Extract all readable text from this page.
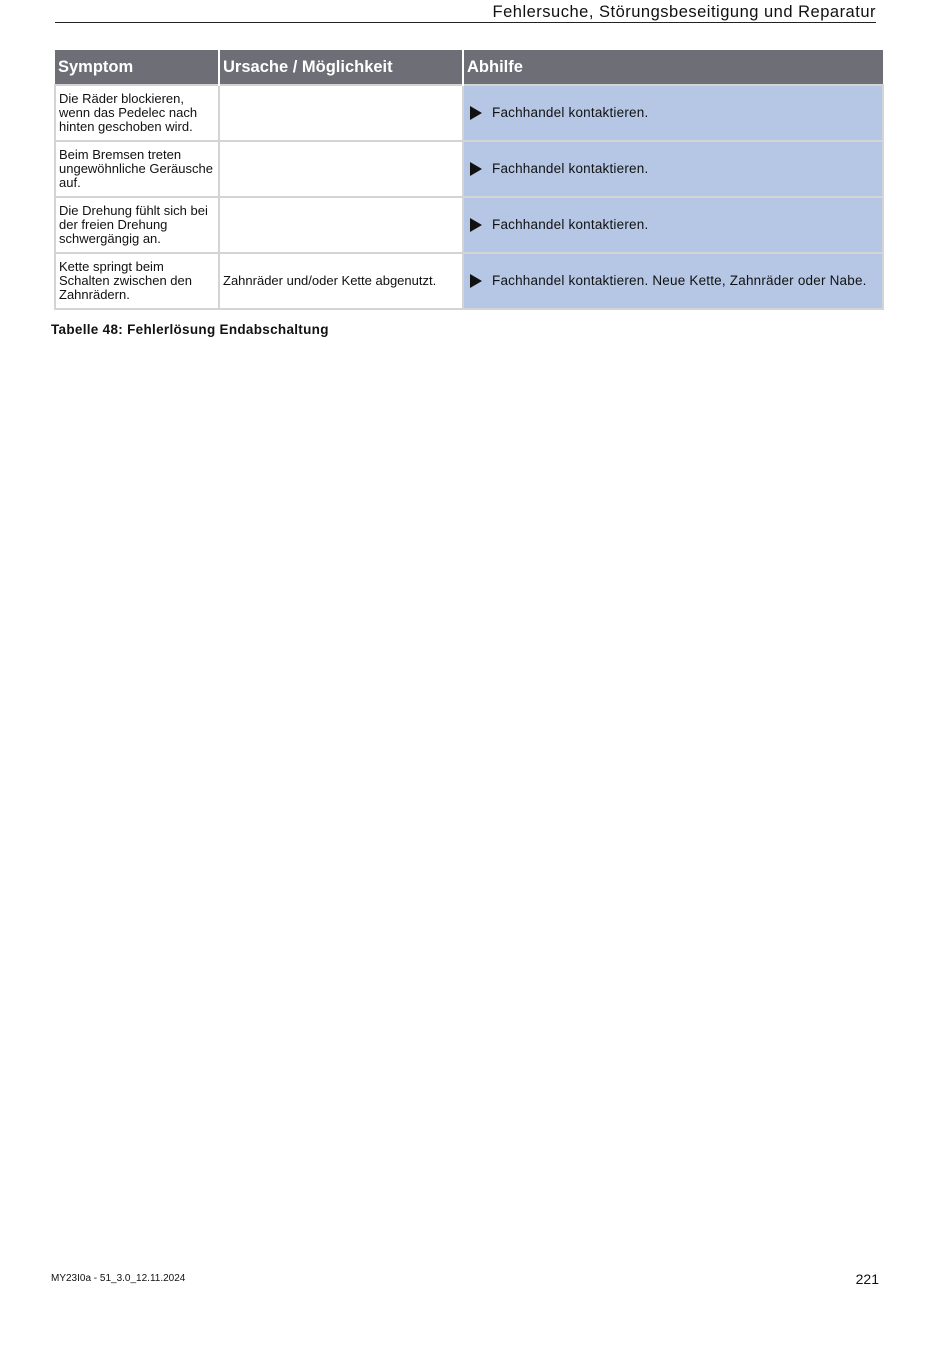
Fehlersuche, Störungsbeseitigung und Reparatur
Symptom	Ursache / Möglichkeit	Abhilfe
Die Räder blockieren, wenn das Pedelec nach hinten geschoben wird.		Fachhandel kontaktieren.

Beim Bremsen treten ungewöhnliche Geräusche auf.		Fachhandel kontaktieren.

Die Drehung fühlt sich bei der freien Drehung schwergängig an.		Fachhandel kontaktieren.

Kette springt beim Schalten zwischen den Zahnrädern.	Zahnräder und/oder Kette abgenutzt.	Fachhandel kontaktieren. Neue Kette, Zahnräder oder Nabe.
Tabelle 48: Fehlerlösung Endabschaltung
MY23I0a - 51_3.0_12.11.2024	221
